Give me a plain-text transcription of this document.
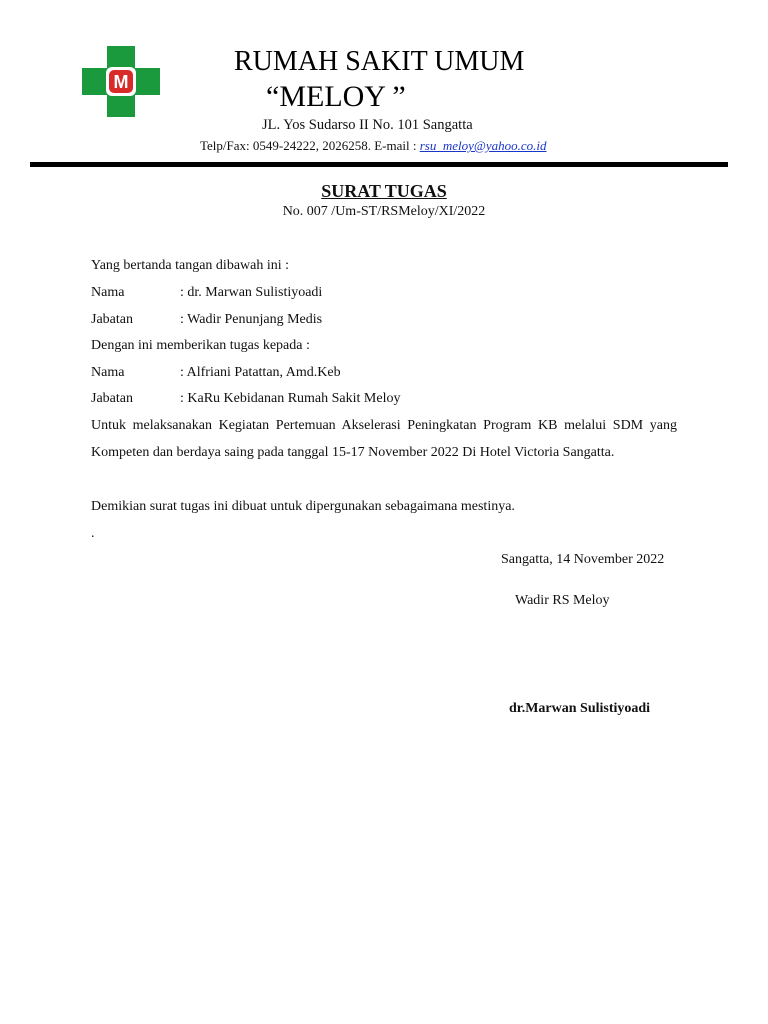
M
RUMAH SAKIT UMUM
“MELOY ”
JL. Yos Sudarso II No. 101 Sangatta
Telp/Fax: 0549-24222, 2026258. E-mail : rsu_meloy@yahoo.co.id
SURAT TUGAS
No. 007 /Um-ST/RSMeloy/XI/2022
Yang bertanda tangan dibawah ini :
Nama	: dr. Marwan Sulistiyoadi
Jabatan	: Wadir Penunjang Medis
Dengan ini memberikan tugas kepada :
Nama	: Alfriani Patattan, Amd.Keb
Jabatan	: KaRu Kebidanan Rumah Sakit Meloy
Untuk melaksanakan Kegiatan Pertemuan Akselerasi Peningkatan Program KB melalui SDM yang Kompeten dan berdaya saing pada tanggal 15-17 November 2022 Di Hotel Victoria Sangatta.
Demikian surat tugas ini dibuat untuk dipergunakan sebagaimana mestinya.
.
Sangatta, 14 November 2022
Wadir RS Meloy
dr.Marwan Sulistiyoadi
